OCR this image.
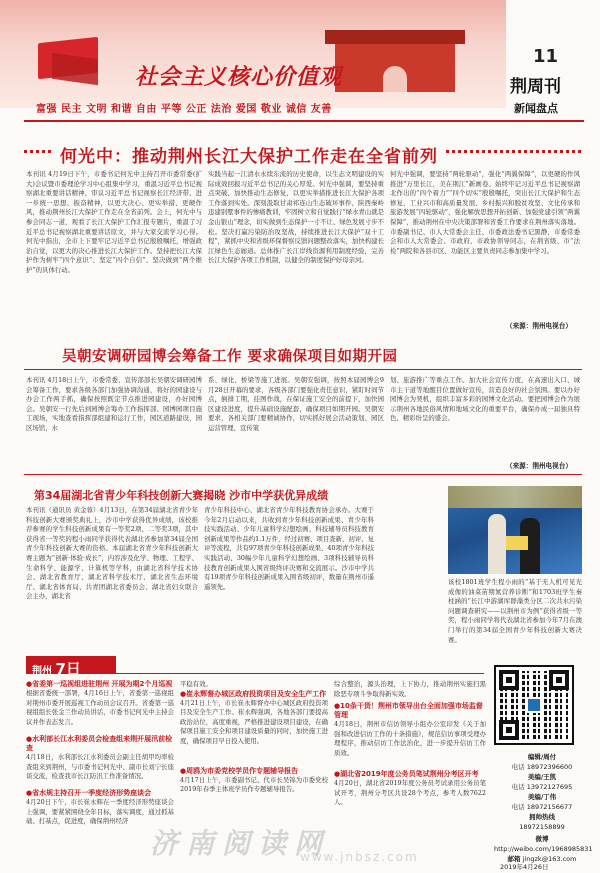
社会主义核心价值观
富强 民主 文明 和谐 自由 平等 公正 法治 爱国 敬业 诚信 友善
11
荆周刊
新闻盘点
何光中：推动荆州长江大保护工作走在全省前列
本刊讯 4月19日下午，市委书记何光中主持召开市委常委(扩大)会议暨市委理论学习中心组集中学习，重温习近平总书记视察湖北重要讲话精神，审议习近平总书记视察长江经济带、进一步统一思想、振奋精神，以更大决心、更实举措、更硬作风，推动荆州长江大保护工作走在全省前列。会上，何光中与参会同志一道，观看了长江大保护工作汇报专题片，重温了习近平总书记视察湖北重要讲话原文，并与大家交流学习心得。何光中指出，全市上下要牢记习近平总书记殷殷嘱托，增强政治自觉，以更大的决心推进长江大保护工作。坚持把长江大保护作为树牢“四个意识”、坚定“四个自信”、坚决做到“两个维护”的具体行动。
实践当起一江清水永续东流的历史使命，以生态文明建设的实际成效回报习近平总书记的关心厚爱。何光中强调，要坚持重点突破，加快推动生态修复，以更实举措推进长江大保护各项工作落到实处。深刻汲取甘肃祁连山生态破坏事件、陕西秦岭违建别墅事件的惨痛教训，牢固树立和自觉践行“绿水青山就是金山银山”理念，切实做到生态保护一寸不让、绿色发展寸步不松。坚决打赢污染防治攻坚战，持续推进长江大保护“双十工程”，紧抓中央和省级环保督察反馈问题整改落实，加快构建长江绿色生态廊道。总体推广长江岸线资源利用制度经验，完善长江大保护各项工作机制，以健全的制度保护好母亲河。
何光中强调，要坚持“两轮驱动”，强化“两翼保障”，以更硬的作风推进“万里长江，美在荆江”新画卷。始终牢记习近平总书记视察湖北作出的“四个着力”“四个切实”殷殷嘱托，突出长江大保护和生态修复，工业兴市和高质量发展、乡村振兴和脱贫攻坚、文化传承和旅游发展“四轮驱动”，强化解放思想开拓创新、加强党建引领“两翼保障”，推动荆州在中央决策部署和省委工作要求在荆州落实落地。市委副书记、市人大常委会主任、市委政法委书记黑静，市委常委会和市人大常委会、市政府、市政协领导同志，在荆省级、市“法检”两院和各县市区、功能区主要负责同志参加集中学习。
（来源：荆州电视台）
吴朝安调研园博会筹备工作 要求确保项目如期开园
本刊讯 4月18日上午，市委常委、宣传部部长吴朝安调研园博会筹备工作，要求各级各部门加强协调沟通，将好的园建设与办会工作两手抓，确保按照既定节点推进园建设，办好园博会。吴朝安一行先后到园博会筹办工作指挥部、园博园项目施工现场，实地查看指挥部组建和运行工作，园区道路建设，园区场馆，水
系、绿化、桥梁等施工进展。吴朝安强调，按照本届园博会9月28日开幕的要求，各级各部门要强化责任意识，紧盯时间节点，倒排工期，挂图作战，在保证施工安全的前提下，加快园区建设进度，提升基础设施配套，确保项目如期开园。吴朝安要求，各相关部门要精诚协作，切实抓好展会活动策划、园区运营管理、宣传策
划、旅游推广等重点工作。加大社会宣传力度，在高速出入口、城市主干道等地醒目位置做好宣传，营造良好的社会氛围。要以办好园博会为契机，组织丰富多彩的园博文化活动。要把园博会作为展示荆州各地民俗风情和地域文化的重要平台，确保办成一届独具特色、精彩纷呈的盛会。
（来源：荆州电视台）
第34届湖北省青少年科技创新大赛揭晓 沙市中学获优异成绩
本刊讯（通讯员 黄金蓉）4月13日，在第34届湖北省青少年科技创新大赛颁奖典礼上，沙市中学获得优异成绩，该校推荐参赛的学生科技创新成果有一等奖2项、二等奖3项，其中获得省一等奖的程小雨同学获得代表湖北省参加第34届全国青少年科技创新大赛的资格。本届湖北省青少年科技创新大赛主题为“创新·体验·成长”，内容涉及化学、物理、工程学、生命科学、能源学、计算机等学科，由湖北省科学技术协会、湖北省教育厅、湖北省科学技术厅、湖北省生态环境厅、湖北省体育局、共青团湖北省委员会、湖北省妇女联合会主办，湖北省
青少年科技中心、湖北省青少年科技教育协会承办。大赛于今年2月启动以来，共收到青少年科技创新成果、青少年科技实践活动、少年儿童科学幻想绘画、科技辅导员科技教育创新成果等作品约1.1万件，经过初赛、项目查新、初评、复评等流程，共有97项青少年科技创新成果、40项青少年科技实践活动、30幅少年儿童科学幻想绘画、3项科技辅导员科技教育创新成果入围省级终评决赛和交流展示。沙市中学共有19项青少年科技创新成果入围省级初评，数量在荆州市遥遥领先。
该校1801班学生程小雨的“基于无人机可见光成像的油菜苗期氮营养诊断”和1703班学生秦柱涵的“长江中游湖库群藻类分区二次共水污染问题调查研究——以荆州市为例”获得省级一等奖，程小雨同学将代表湖北省参加今年7月在澳门举行的第34届全国青少年科技创新大赛决赛。
荆州 7日
●省委第一巡视组进驻荆州 开展为期2个月巡视
根据省委统一部署，4月16日上午，省委第一巡视组对荆州市委开展巡视工作动员会议召开。省委第一巡视组组长张金兰作动员讲话，市委书记何光中主持会议并作表态发言。
●水利部长江水利委员会检查组来荆开展汛前检查
4月18日，水利部长江水利委员会副主任胡甲均率检查组来到荆州，与市委书记何光中、副市长刘宁长座谈交流，检查我市长江防汛工作准备情况。
●省水规主持召开一季度经济形势座谈会
4月20日下午，市长崔永辉在一季度经济形势座谈会上强调，要紧紧围绕全年目标，落实调度，通过抓基础、打基点，促进度，确保荆州经济
平稳有效。
●崔永辉督办城区政府投资项目及安全生产工作
4月21日上午，市长崔永辉督办中心城区政府投资项目及安全生产工作。崔永辉强调，各地各部门要提高政治站位，高度重视，严格推进建设项目建设，在确保项目施工安全和项目建设质量的同时，加快施工进度，确保项目早日投入使用。
●周鸥为市委党校学员作专题辅导报告
4月17日上午，市委副书记、代市长吴锦为市委党校2019年春季主体班学员作专题辅导报告。
综合整治，源头治理，上下协力，推动荆州实施扫黑除恶专项斗争取得新实效。
●10条干货！荆州市领导出台全面加强市场监督管理
4月18日，荆州市信访领导小组办公室印发《关于加强和改进信访工作的十条措施》，规范信访事项受理办理程序，推动信访工作法治化，进一步提升信访工作质效。
●湖北省2019年度公务员笔试荆州分考区开考
4月20日，湖北省2019年度公务员考试录用公务员笔试开考，荆州分考区共设28个考点，参考人数7622人。
编辑/周付
电话 18972396600
美编/王凯
电话 13972127695
美编/丁伟
电话 18972156677
拥帅热线
18972158899
微博 http://weibo.com/1968985831
邮箱 jingzk@163.com
2019年4月26日
济南阅读网
www.jnbsz.com
